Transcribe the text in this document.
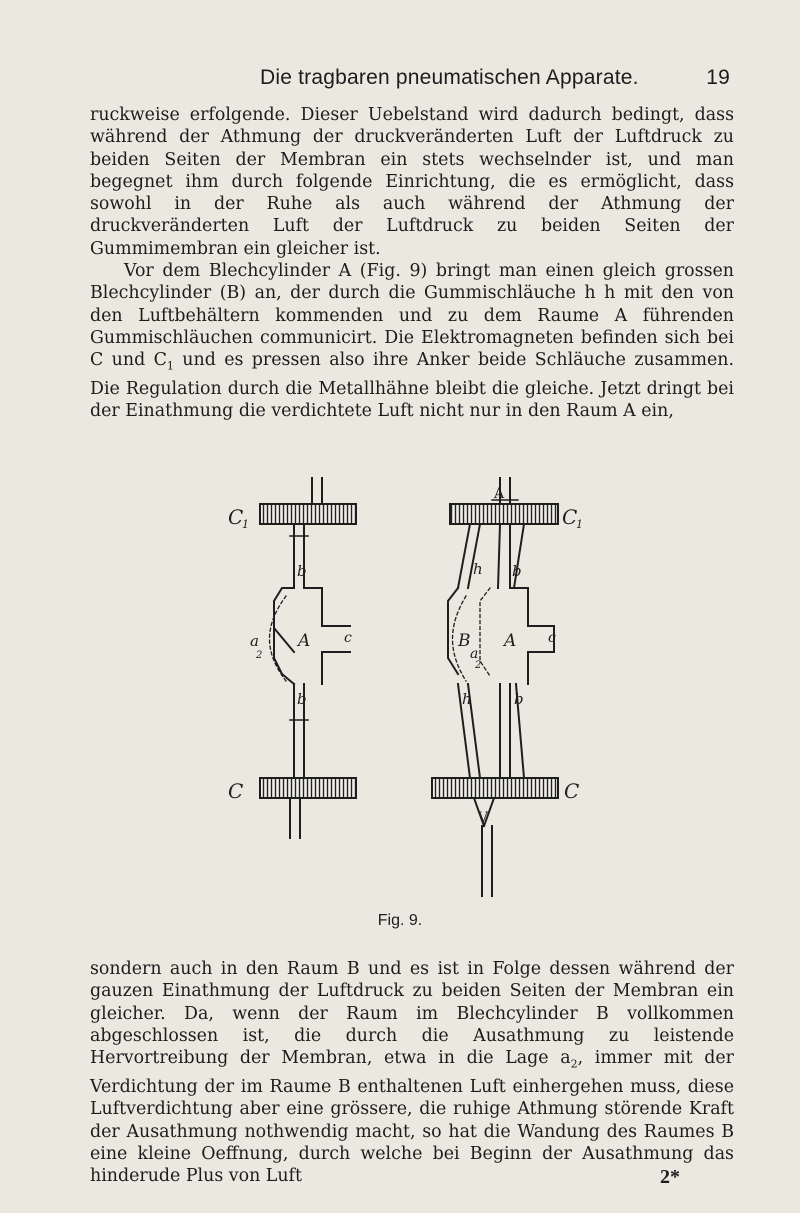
Die tragbaren pneumatischen Apparate.	19

ruckweise erfolgende. Dieser Uebelstand wird dadurch bedingt, dass während der Athmung der druckveränderten Luft der Luftdruck zu beiden Seiten der Membran ein stets wechselnder ist, und man begegnet ihm durch folgende Einrichtung, die es ermöglicht, dass sowohl in der Ruhe als auch während der Athmung der druckveränderten Luft der Luftdruck zu beiden Seiten der Gummimembran ein gleicher ist.
Vor dem Blechcylinder A (Fig. 9) bringt man einen gleich grossen Blechcylinder (B) an, der durch die Gummischläuche h h mit den von den Luftbehältern kommenden und zu dem Raume A führenden Gummischläuchen communicirt. Die Elektromagneten befinden sich bei C und $C_1$ und es pressen also ihre Anker beide Schläuche zusammen. Die Regulation durch die Metallhähne bleibt die gleiche. Jetzt dringt bei der Einathmung die verdichtete Luft nicht nur in den Raum A ein,

C
1
C
b
b
A c
a
2
C
1
C
A
V
h
h
b
b
B A c
a
2
Fig. 9.

sondern auch in den Raum B und es ist in Folge dessen während der gauzen Einathmung der Luftdruck zu beiden Seiten der Membran ein gleicher. Da, wenn der Raum im Blechcylinder B vollkommen abgeschlossen ist, die durch die Ausathmung zu leistende Hervortreibung der Membran, etwa in die Lage $a_2$, immer mit der Verdichtung der im Raume B enthaltenen Luft einhergehen muss, diese Luftverdichtung aber eine grössere, die ruhige Athmung störende Kraft der Ausathmung nothwendig macht, so hat die Wandung des Raumes B eine kleine Oeffnung, durch welche bei Beginn der Ausathmung das hinderude Plus von Luft	2*
